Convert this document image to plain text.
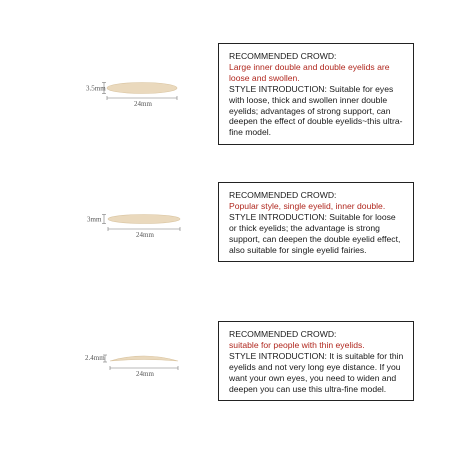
3.5mm
24mm
RECOMMENDED CROWD:
Large inner double and double eyelids are loose and swollen.
STYLE INTRODUCTION: Suitable for eyes with loose, thick and swollen inner double eyelids; advantages of strong support, can deepen the effect of double eyelids~this ultra-fine model.
3mm
24mm
RECOMMENDED CROWD:
Popular style, single eyelid, inner double.
STYLE INTRODUCTION: Suitable for loose or thick eyelids; the advantage is strong support, can deepen the double eyelid effect, also suitable for single eyelid fairies.
2.4mm
24mm
RECOMMENDED CROWD:
suitable for people with thin eyelids.
STYLE INTRODUCTION: It is suitable for thin eyelids and not very long eye distance. If you want your own eyes, you need to widen and deepen you can use this ultra-fine model.
